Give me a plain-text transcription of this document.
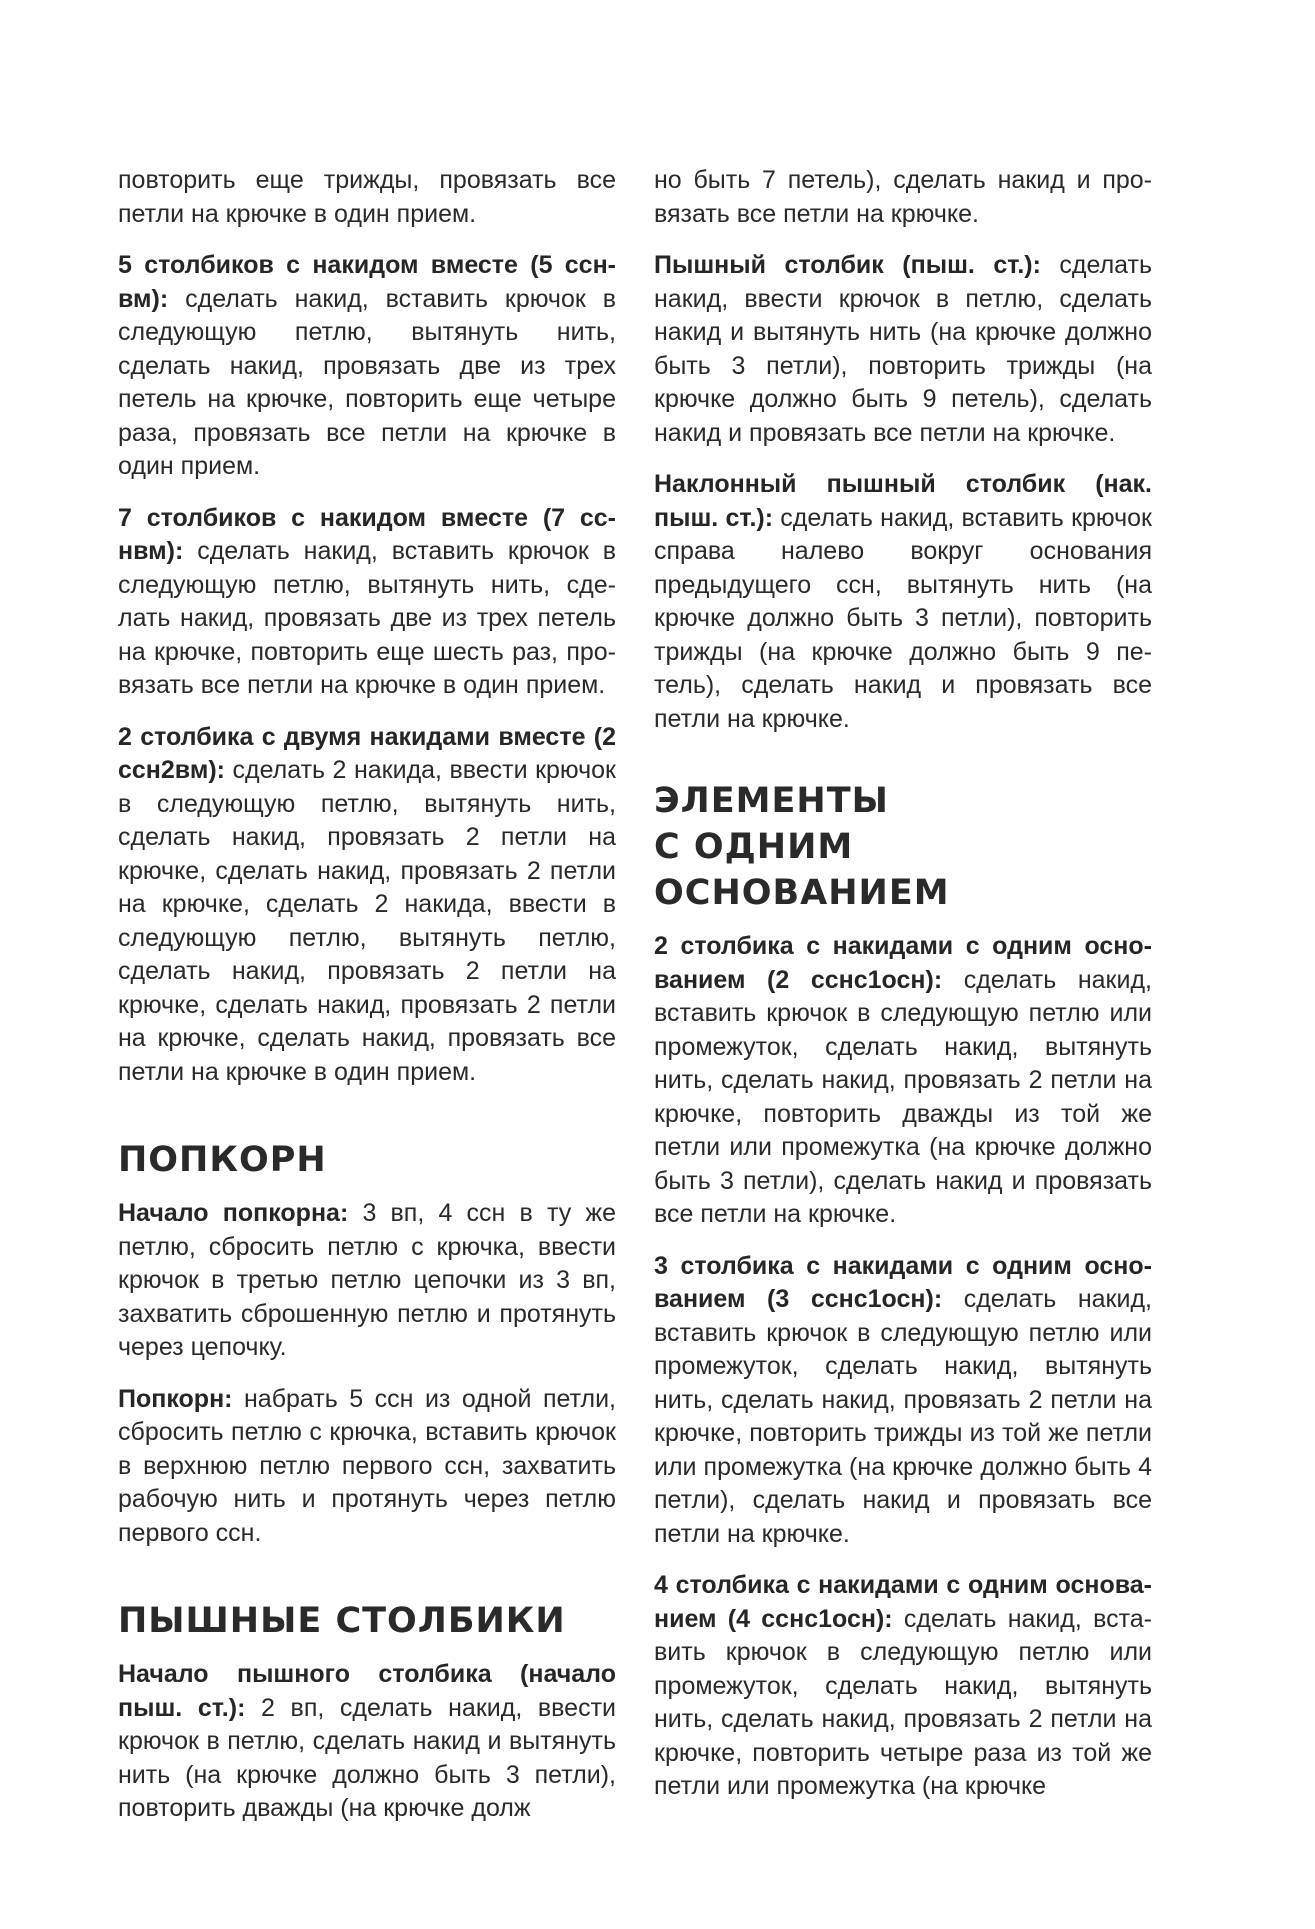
повторить еще трижды, провязать все петли на крючке в один прием.

5 столбиков с накидом вместе (5 сснвм): сделать накид, вставить крючок в следующую петлю, вытянуть нить, сделать накид, провязать две из трех петель на крючке, повторить еще четыре раза, провязать все петли на крючке в один прием.

7 столбиков с накидом вместе (7 сснвм): сделать накид, вставить крючок в следующую петлю, вытянуть нить, сделать накид, провязать две из трех петель на крючке, повторить еще шесть раз, провязать все петли на крючке в один прием.

2 столбика с двумя накидами вместе (2 ссн2вм): сделать 2 накида, ввести крючок в следующую петлю, вытянуть нить, сделать накид, провязать 2 петли на крючке, сделать накид, провязать 2 петли на крючке, сделать 2 накида, ввести в следующую петлю, вытянуть петлю, сделать накид, провязать 2 петли на крючке, сделать накид, провязать 2 петли на крючке, сделать накид, провязать все петли на крючке в один прием.

ПОПКОРН

Начало попкорна: 3 вп, 4 ссн в ту же петлю, сбросить петлю с крючка, ввести крючок в третью петлю цепочки из 3 вп, захватить сброшенную петлю и протянуть через цепочку.

Попкорн: набрать 5 ссн из одной петли, сбросить петлю с крючка, вставить крючок в верхнюю петлю первого ссн, захватить рабочую нить и протянуть через петлю первого ссн.

ПЫШНЫЕ СТОЛБИКИ

Начало пышного столбика (начало пыш. ст.): 2 вп, сделать накид, ввести крючок в петлю, сделать накид и вытянуть нить (на крючке должно быть 3 петли), повторить дважды (на крючке долж

но быть 7 петель), сделать накид и провязать все петли на крючке.

Пышный столбик (пыш. ст.): сделать накид, ввести крючок в петлю, сделать накид и вытянуть нить (на крючке должно быть 3 петли), повторить трижды (на крючке должно быть 9 петель), сделать накид и провязать все петли на крючке.

Наклонный пышный столбик (нак. пыш. ст.): сделать накид, вставить крючок справа налево вокруг основания предыдущего ссн, вытянуть нить (на крючке должно быть 3 петли), повторить трижды (на крючке должно быть 9 петель), сделать накид и провязать все петли на крючке.

ЭЛЕМЕНТЫ
С ОДНИМ ОСНОВАНИЕМ

2 столбика с накидами с одним основанием (2 сснс1осн): сделать накид, вставить крючок в следующую петлю или промежуток, сделать накид, вытянуть нить, сделать накид, провязать 2 петли на крючке, повторить дважды из той же петли или промежутка (на крючке должно быть 3 петли), сделать накид и провязать все петли на крючке.

3 столбика с накидами с одним основанием (3 сснс1осн): сделать накид, вставить крючок в следующую петлю или промежуток, сделать накид, вытянуть нить, сделать накид, провязать 2 петли на крючке, повторить трижды из той же петли или промежутка (на крючке должно быть 4 петли), сделать накид и провязать все петли на крючке.

4 столбика с накидами с одним основанием (4 сснс1осн): сделать накид, вставить крючок в следующую петлю или промежуток, сделать накид, вытянуть нить, сделать накид, провязать 2 петли на крючке, повторить четыре раза из той же петли или промежутка (на крючке
